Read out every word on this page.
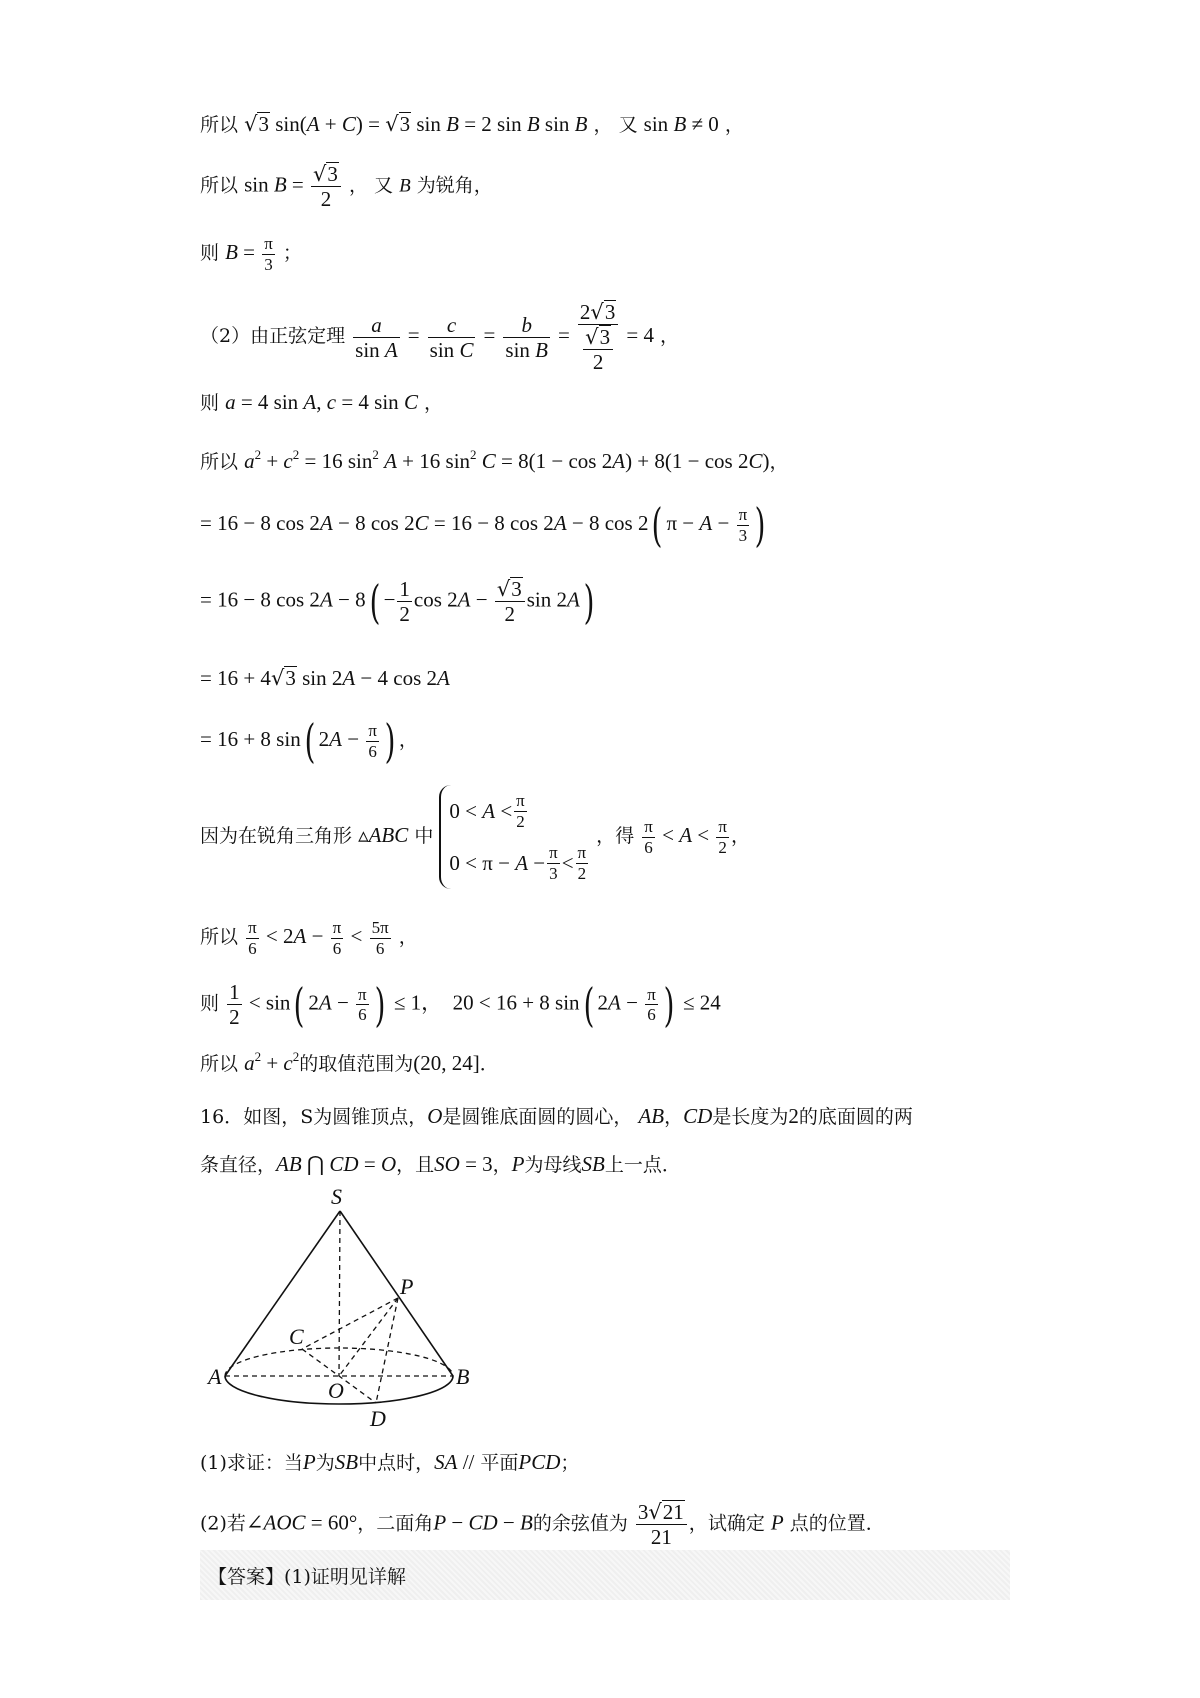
所以 √3 sin(A + C) = √3 sin B = 2 sin B sin B ， 又 sin B ≠ 0 ，
所以 $\sin B = \frac{√3}{2}$ ， 又 B 为锐角，
则 $B = \frac{\pi}{3}$ ；
（2）由正弦定理 $\frac{a}{\text{sin A}} = \frac{c}{\text{sin C}} = \frac{b}{\text{sin B}} = \frac{2√3}{\frac{√3}{2}} = 4$ ，
则 a = 4 sin A, c = 4 sin C ，
所以 $a^2 + c^2 = 16$ $\sin^2 A + 16$ $\sin^2 C = 8(1 - \cos 2A) + 8(1 - \cos 2C)$，
= 16 − 8 cos 2A − 8 cos 2C = 16 − 8 cos 2A − 8 cos 2( $\pi - A - \frac{\pi}{3}$ )
= 16 − 8 $\cos 2A - 8( - \frac{1}{2}$ $\cos 2A - \frac{√3}{2}$ sin 2A)
= 16 + 4√3 sin 2A − 4 cos 2A
= 16 + 8 sin( $2A - \frac{\pi}{6}$ ) ，
因为在锐角三角形 ▵ABC 中
$0 < A < \frac{\pi}{2}$
$0 < \pi - A - \frac{\pi}{3} < \frac{\pi}{2}$
，得 $\frac{\pi}{6} < A < \frac{\pi}{2}$ ，
所以 $\frac{\pi}{6} < 2A - \frac{\pi}{6} < \frac{5\pi}{6}$ ，
则 $\frac{1}{2} < \sin$( $2A - \frac{\pi}{6}$ ) ≤ 1，  20 < 16 + 8 sin( $2A - \frac{\pi}{6}$ ) ≤ 24
所以 $a^2 + c^2$的取值范围为(20, 24]．
16．如图，S为圆锥顶点，O是圆锥底面圆的圆心， AB，CD是长度为2的底面圆的两
条直径，AB ⋂ CD = O，且SO = 3，P为母线SB上一点．
S
P
C
A
O
B
D
(1)求证：当P为SB中点时，SA // 平面PCD；
(2)若∠AOC = 60°，二面角P − CD − B的余弦值为 $\frac{3√21}{21}$ ，试确定 P 点的位置．
【答案】 (1)证明见详解
